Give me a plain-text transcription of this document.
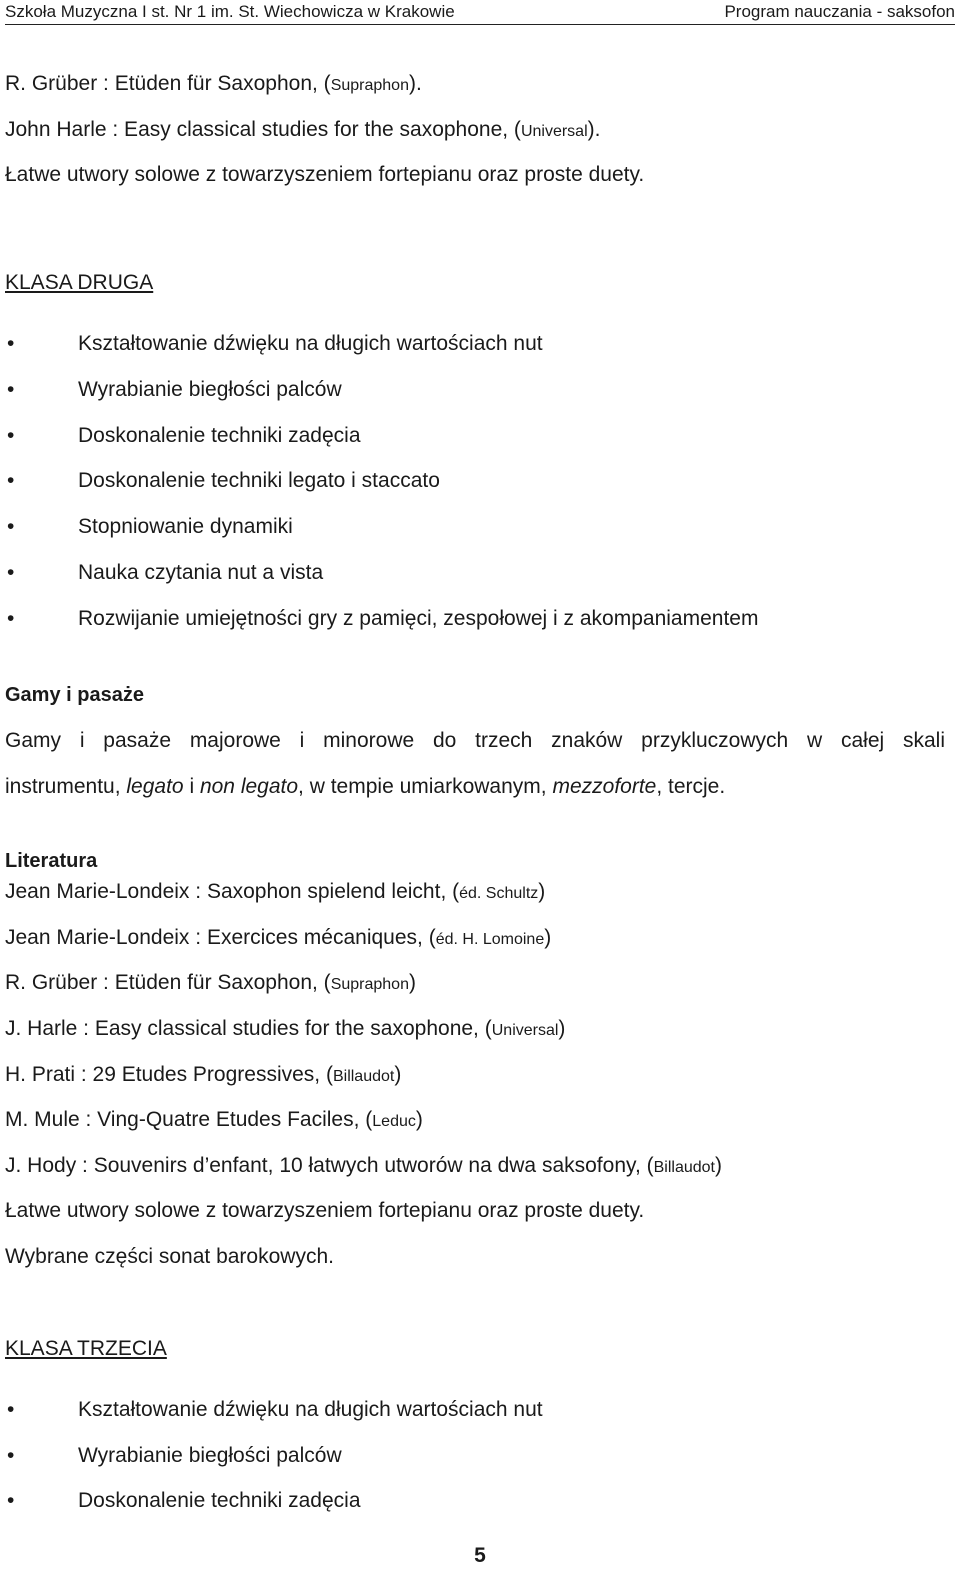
Szkoła Muzyczna I st. Nr 1 im. St. Wiechowicza w Krakowie	Program nauczania - saksofon
R. Grüber : Etüden für Saxophon, (Supraphon).
John Harle : Easy classical studies for the saxophone, (Universal).
Łatwe utwory solowe z towarzyszeniem fortepianu oraz proste duety.
KLASA DRUGA
•	Kształtowanie dźwięku na długich wartościach nut
•	Wyrabianie biegłości palców
•	Doskonalenie techniki zadęcia
•	Doskonalenie techniki legato i staccato
•	Stopniowanie dynamiki
•	Nauka czytania nut a vista
•	Rozwijanie umiejętności gry z pamięci, zespołowej i z akompaniamentem
Gamy i pasaże
Gamy i pasaże majorowe i minorowe do trzech znaków przykluczowych w całej skali
instrumentu, legato i non legato, w tempie umiarkowanym, mezzoforte, tercje.
Literatura
Jean Marie-Londeix : Saxophon spielend leicht, (éd. Schultz)
Jean Marie-Londeix : Exercices mécaniques, (éd. H. Lomoine)
R. Grüber : Etüden für Saxophon, (Supraphon)
J. Harle : Easy classical studies for the saxophone, (Universal)
H. Prati : 29 Etudes Progressives, (Billaudot)
M. Mule : Ving-Quatre Etudes Faciles, (Leduc)
J. Hody : Souvenirs d’enfant, 10 łatwych utworów na dwa saksofony, (Billaudot)
Łatwe utwory solowe z towarzyszeniem fortepianu oraz proste duety.
Wybrane części sonat barokowych.
KLASA TRZECIA
•	Kształtowanie dźwięku na długich wartościach nut
•	Wyrabianie biegłości palców
•	Doskonalenie techniki zadęcia
5
